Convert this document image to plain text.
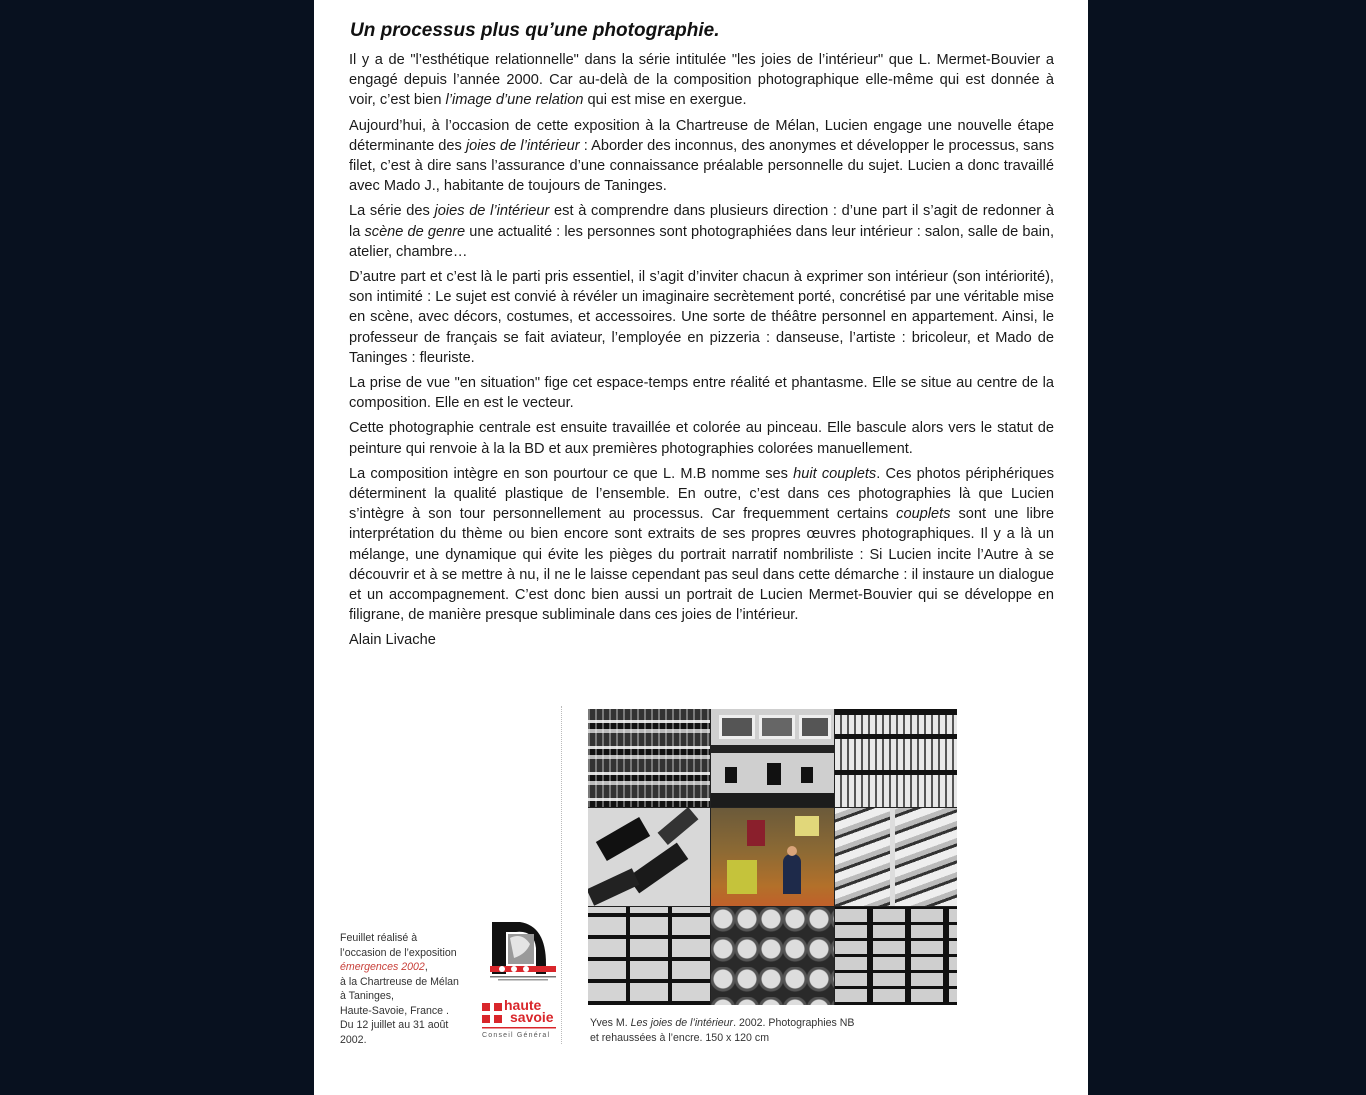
Un processus plus qu’une photographie.

Il y a de "l’esthétique relationnelle" dans la série intitulée "les joies de l’intérieur" que L. Mermet-Bouvier a engagé depuis l’année 2000. Car au-delà de la composition photographique elle-même qui est donnée à voir, c’est bien l’image d’une relation qui est mise en exergue.

Aujourd’hui, à l’occasion de cette exposition à la Chartreuse de Mélan, Lucien engage une nouvelle étape déterminante des joies de l’intérieur : Aborder des inconnus, des anonymes et développer le processus, sans filet, c’est à dire sans l’assurance d’une connaissance préalable personnelle du sujet. Lucien a donc travaillé avec Mado J., habitante de toujours de Taninges.

La série des joies de l’intérieur est à comprendre dans plusieurs direction : d’une part il s’agit de redonner à la scène de genre une actualité : les personnes sont photographiées dans leur intérieur : salon, salle de bain, atelier, chambre…

D’autre part et c’est là le parti pris essentiel, il s’agit d’inviter chacun à exprimer son intérieur (son intériorité), son intimité : Le sujet est convié à révéler un imaginaire secrètement porté, concrétisé par une véritable mise en scène, avec décors, costumes, et accessoires. Une sorte de théâtre personnel en appartement. Ainsi, le professeur de français se fait aviateur, l’employée en pizzeria : danseuse, l’artiste : bricoleur, et Mado de Taninges : fleuriste.

La prise de vue "en situation" fige cet espace-temps entre réalité et phantasme. Elle se situe au centre de la composition. Elle en est le vecteur.

Cette photographie centrale est ensuite travaillée et colorée au pinceau. Elle bascule alors vers le statut de peinture qui renvoie à la la BD et aux premières photographies colorées manuellement.

La composition intègre en son pourtour ce que L. M.B nomme ses huit couplets. Ces photos périphériques déterminent la qualité plastique de l’ensemble. En outre, c’est dans ces photographies là que Lucien s’intègre à son tour personnellement au processus. Car frequemment certains couplets sont une libre interprétation du thème ou bien encore sont extraits de ses propres œuvres photographiques. Il y a là un mélange, une dynamique qui évite les pièges du portrait narratif nombriliste : Si Lucien incite l’Autre à se découvrir et à se mettre à nu, il ne le laisse cependant pas seul dans cette démarche : il instaure un dialogue et un accompagnement. C’est donc bien aussi un portrait de Lucien Mermet-Bouvier qui se développe en filigrane, de manière presque subliminale dans ces joies de l’intérieur.

Alain Livache

Feuillet réalisé à
l’occasion de l’exposition
émergences 2002,
à la Chartreuse de Mélan
à Taninges,
Haute-Savoie, France .
Du 12 juillet au 31 août
2002.
haute
savoie
Conseil Général
Yves M. Les joies de l’intérieur. 2002. Photographies NB
et rehaussées à l’encre. 150 x 120 cm
